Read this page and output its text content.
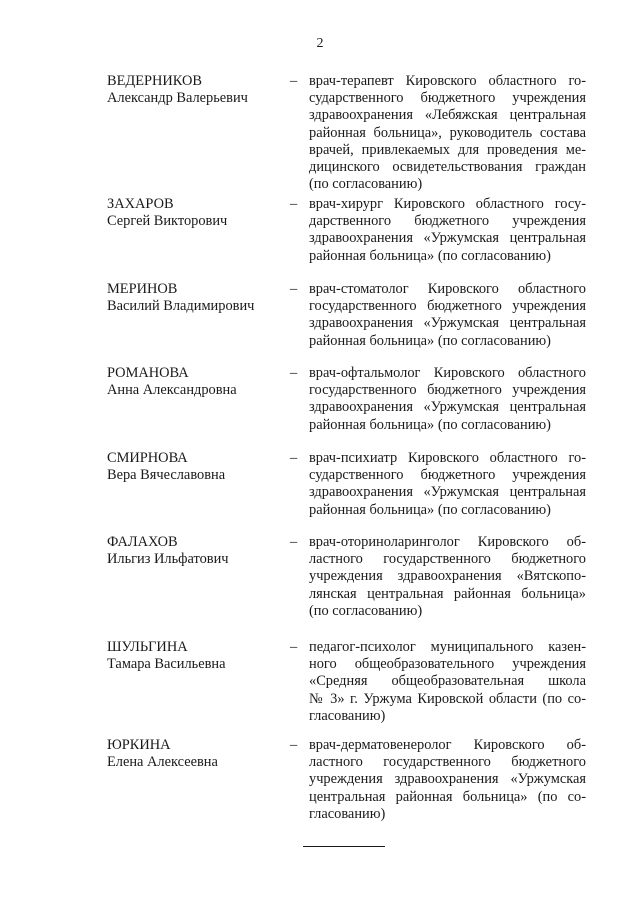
2
ВЕДЕРНИКОВ
Александр Валерьевич
– врач-терапевт Кировского областного го-
сударственного бюджетного учреждения
здравоохранения «Лебяжская центральная
районная больница», руководитель состава
врачей, привлекаемых для проведения ме-
дицинского освидетельствования граждан
(по согласованию)
ЗАХАРОВ
Сергей Викторович
– врач-хирург Кировского областного госу-
дарственного бюджетного учреждения
здравоохранения «Уржумская центральная
районная больница» (по согласованию)
МЕРИНОВ
Василий Владимирович
– врач-стоматолог Кировского областного
государственного бюджетного учреждения
здравоохранения «Уржумская центральная
районная больница» (по согласованию)
РОМАНОВА
Анна Александровна
– врач-офтальмолог Кировского областного
государственного бюджетного учреждения
здравоохранения «Уржумская центральная
районная больница» (по согласованию)
СМИРНОВА
Вера Вячеславовна
– врач-психиатр Кировского областного го-
сударственного бюджетного учреждения
здравоохранения «Уржумская центральная
районная больница» (по согласованию)
ФАЛАХОВ
Ильгиз Ильфатович
– врач-оториноларинголог Кировского об-
ластного государственного бюджетного
учреждения здравоохранения «Вятскопо-
лянская центральная районная больница»
(по согласованию)
ШУЛЬГИНА
Тамара Васильевна
– педагог-психолог муниципального казен-
ного общеобразовательного учреждения
«Средняя общеобразовательная школа
№ 3» г. Уржума Кировской области (по со-
гласованию)
ЮРКИНА
Елена Алексеевна
– врач-дерматовенеролог Кировского об-
ластного государственного бюджетного
учреждения здравоохранения «Уржумская
центральная районная больница» (по со-
гласованию)
